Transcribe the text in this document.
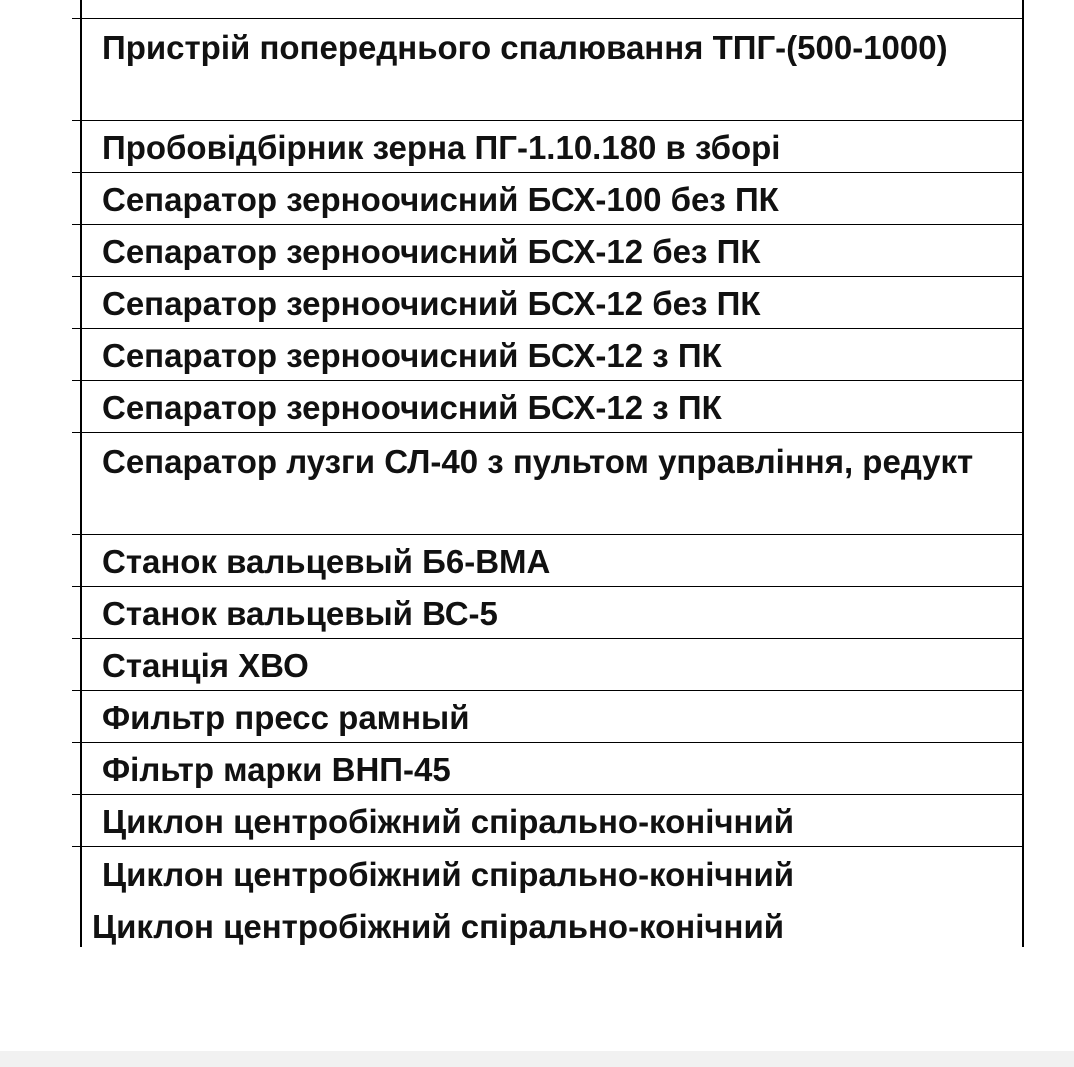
Пристрій попереднього спалювання ТПГ-(500-1000)
Пробовідбірник зерна ПГ-1.10.180 в зборі
Сепаратор зерноочисний БСХ-100 без ПК
Сепаратор зерноочисний БСХ-12 без ПК
Сепаратор зерноочисний БСХ-12 без ПК
Сепаратор зерноочисний БСХ-12 з ПК
Сепаратор зерноочисний БСХ-12 з ПК
Сепаратор лузги СЛ-40 з пультом управління, редукт
Станок вальцевый Б6-ВМА
Станок вальцевый ВС-5
Станція ХВО
Фильтр пресс рамный
Фільтр марки ВНП-45
Циклон центробіжний спірально-конічний
Циклон центробіжний спірально-конічний
Циклон центробіжний спірально-конічний
